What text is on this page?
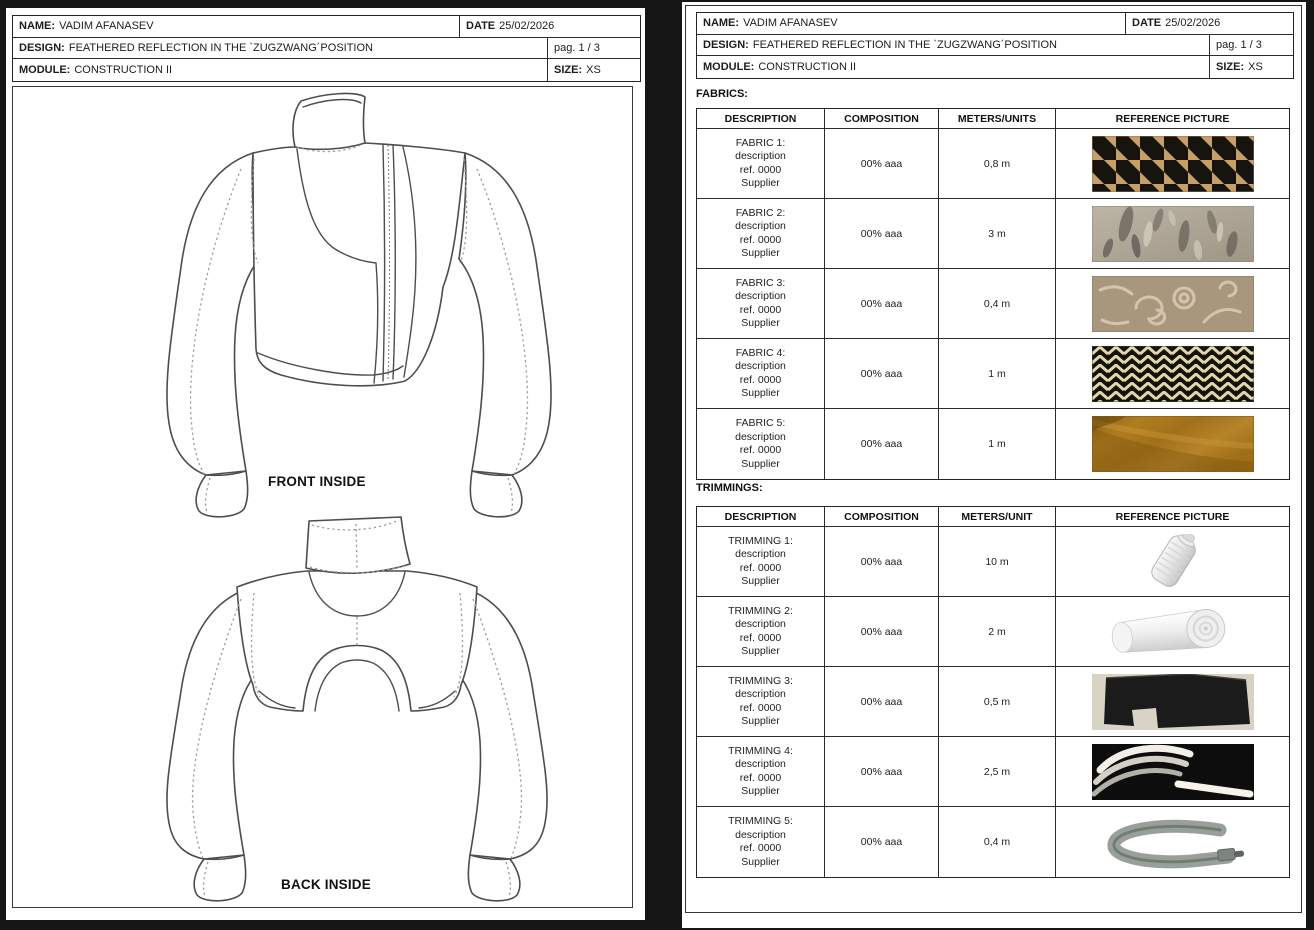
NAME: VADIM AFANASEV	DATE 25/02/2026
DESIGN: FEATHERED REFLECTION IN THE `ZUGZWANG´POSITION	pag. 1 / 3
MODULE: CONSTRUCTION II	SIZE: XS
FRONT INSIDE
BACK INSIDE
NAME: VADIM AFANASEV	DATE 25/02/2026
DESIGN: FEATHERED REFLECTION IN THE `ZUGZWANG´POSITION	pag. 1 / 3
MODULE: CONSTRUCTION II	SIZE: XS
FABRICS:
DESCRIPTION	COMPOSITION	METERS/UNITS	REFERENCE PICTURE
FABRIC 1:
description
ref. 0000
Supplier
00% aaa	0,8 m
FABRIC 2:
description
ref. 0000
Supplier
00% aaa	3 m
FABRIC 3:
description
ref. 0000
Supplier
00% aaa	0,4 m
FABRIC 4:
description
ref. 0000
Supplier
00% aaa	1 m
FABRIC 5:
description
ref. 0000
Supplier
00% aaa	1 m
TRIMMINGS:
DESCRIPTION	COMPOSITION	METERS/UNIT	REFERENCE PICTURE
TRIMMING 1:
description
ref. 0000
Supplier
00% aaa	10 m
TRIMMING 2:
description
ref. 0000
Supplier
00% aaa	2 m
TRIMMING 3:
description
ref. 0000
Supplier
00% aaa	0,5 m
TRIMMING 4:
description
ref. 0000
Supplier
00% aaa	2,5 m
TRIMMING 5:
description
ref. 0000
Supplier
00% aaa	0,4 m
